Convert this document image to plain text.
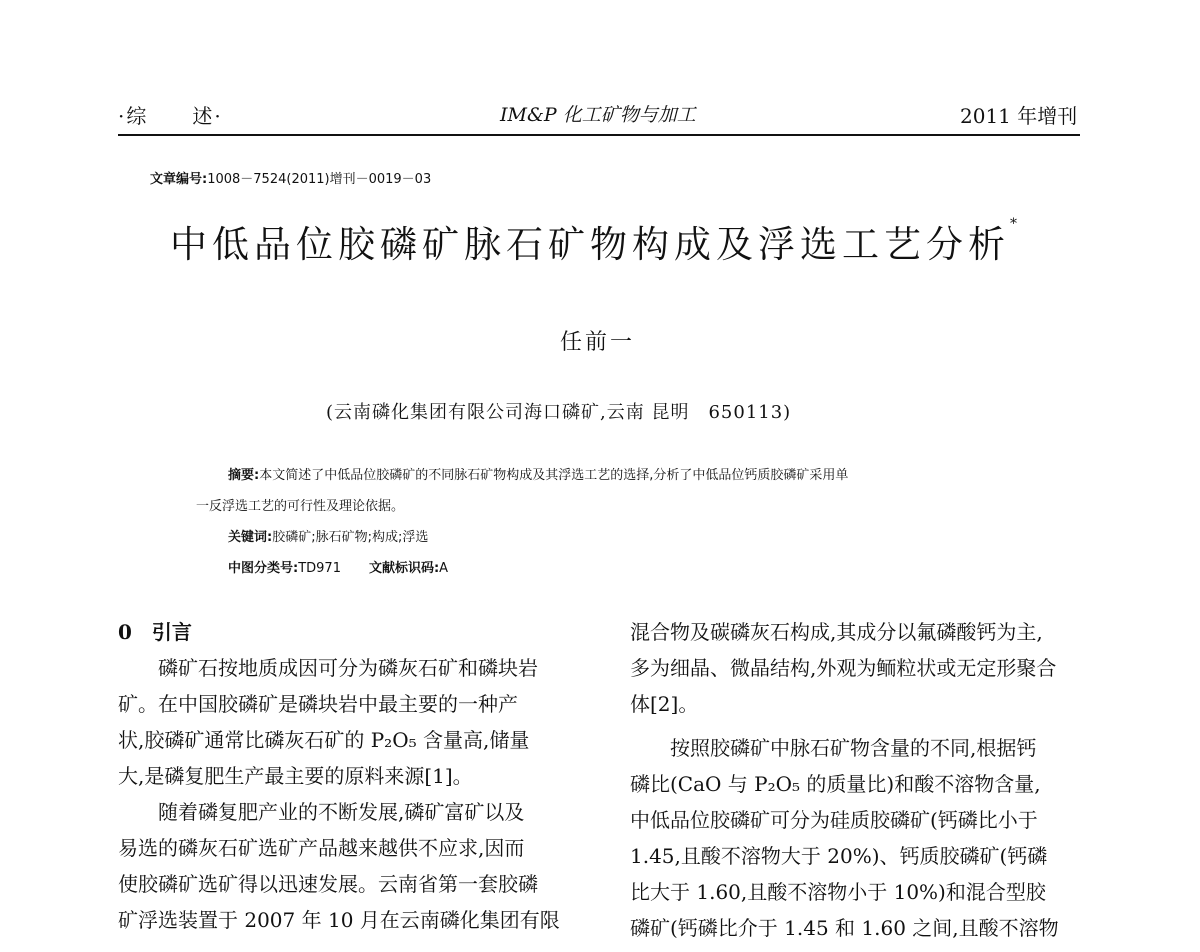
·综　　述·	IM&P 化工矿物与加工	2011 年增刊
文章编号:1008－7524(2011)增刊－0019－03
中低品位胶磷矿脉石矿物构成及浮选工艺分析*
任前一
(云南磷化集团有限公司海口磷矿,云南 昆明　650113)
摘要:本文简述了中低品位胶磷矿的不同脉石矿物构成及其浮选工艺的选择,分析了中低品位钙质胶磷矿采用单
一反浮选工艺的可行性及理论依据。
关键词:胶磷矿;脉石矿物;构成;浮选
中图分类号:TD971 文献标识码:A
0　引言
磷矿石按地质成因可分为磷灰石矿和磷块岩
矿。在中国胶磷矿是磷块岩中最主要的一种产
状,胶磷矿通常比磷灰石矿的 P₂O₅ 含量高,储量
大,是磷复肥生产最主要的原料来源[1]。
随着磷复肥产业的不断发展,磷矿富矿以及
易选的磷灰石矿选矿产品越来越供不应求,因而
使胶磷矿选矿得以迅速发展。云南省第一套胶磷
矿浮选装置于 2007 年 10 月在云南磷化集团有限
混合物及碳磷灰石构成,其成分以氟磷酸钙为主,
多为细晶、微晶结构,外观为鲕粒状或无定形聚合
体[2]。
按照胶磷矿中脉石矿物含量的不同,根据钙
磷比(CaO 与 P₂O₅ 的质量比)和酸不溶物含量,
中低品位胶磷矿可分为硅质胶磷矿(钙磷比小于
1.45,且酸不溶物大于 20%)、钙质胶磷矿(钙磷
比大于 1.60,且酸不溶物小于 10%)和混合型胶
磷矿(钙磷比介于 1.45 和 1.60 之间,且酸不溶物
